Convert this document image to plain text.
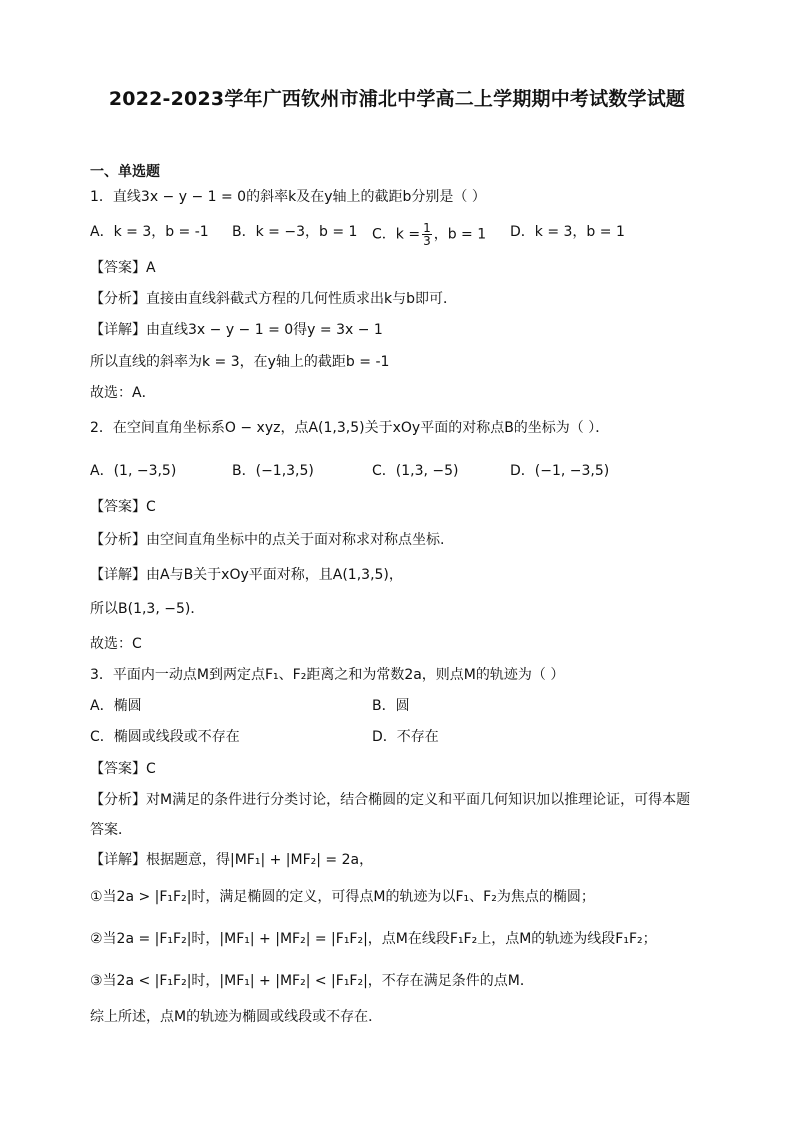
2022-2023学年广西钦州市浦北中学高二上学期期中考试数学试题
一、单选题
1．直线3x − y − 1 = 0的斜率k及在y轴上的截距b分别是（ ）
A．k = 3，b = -1 B．k = −3，b = 1 C．$k = \frac{1}{3}$ ，b = 1 D．k = 3，b = 1
【答案】A
【分析】直接由直线斜截式方程的几何性质求出k与b即可．
【详解】由直线3x − y − 1 = 0得y = 3x − 1
所以直线的斜率为k = 3，在y轴上的截距b = -1
故选：A．
2．在空间直角坐标系O − xyz，点A(1,3,5)关于xOy平面的对称点B的坐标为（ ）．
A．(1, −3,5)	B．(−1,3,5)	C．(1,3, −5)	D．(−1, −3,5)
【答案】C
【分析】由空间直角坐标中的点关于面对称求对称点坐标.
【详解】由A与B关于xOy平面对称，且A(1,3,5)，
所以B(1,3, −5)．
故选：C
3．平面内一动点M到两定点F₁、F₂距离之和为常数2a，则点M的轨迹为（ ）
A．椭圆	B．圆
C．椭圆或线段或不存在	D．不存在
【答案】C
【分析】对M满足的条件进行分类讨论，结合椭圆的定义和平面几何知识加以推理论证，可得本题
答案．
【详解】根据题意，得|MF₁| + |MF₂| = 2a，
①当2a > |F₁F₂|时，满足椭圆的定义，可得点M的轨迹为以F₁、F₂为焦点的椭圆；
②当2a = |F₁F₂|时，|MF₁| + |MF₂| = |F₁F₂|，点M在线段F₁F₂上，点M的轨迹为线段F₁F₂；
③当2a < |F₁F₂|时，|MF₁| + |MF₂| < |F₁F₂|，不存在满足条件的点M．
综上所述，点M的轨迹为椭圆或线段或不存在．
